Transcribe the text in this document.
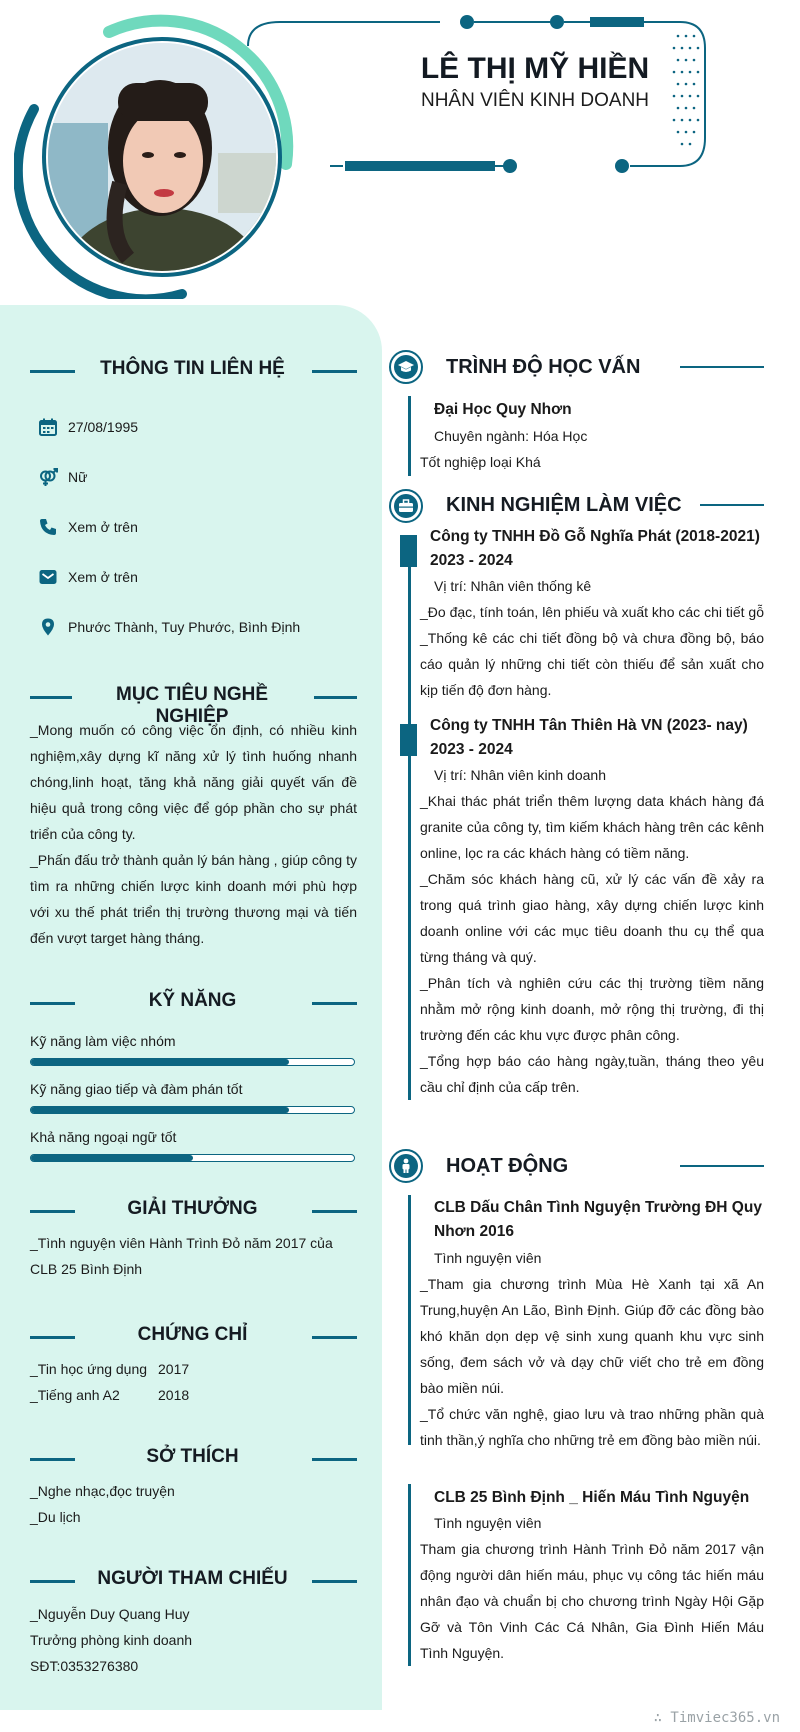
LÊ THỊ MỸ HIỀN
NHÂN VIÊN KINH DOANH
THÔNG TIN LIÊN HỆ
27/08/1995
Nữ
Xem ở trên
Xem ở trên
Phước Thành, Tuy Phước, Bình Định
MỤC TIÊU NGHỀ NGHIỆP
_Mong muốn có công việc ổn định, có nhiều kinh nghiệm,xây dựng kĩ năng xử lý tình huống nhanh chóng,linh hoạt, tăng khả năng giải quyết vấn đề hiệu quả trong công việc để góp phần cho sự phát triển của công ty.
_Phấn đấu trở thành quản lý bán hàng , giúp công ty tìm ra những chiến lược kinh doanh mới phù hợp với xu thế phát triển thị trường thương mại và tiến đến vượt target hàng tháng.
KỸ NĂNG
Kỹ năng làm việc nhóm
Kỹ năng giao tiếp và đàm phán tốt
Khả năng ngoại ngữ tốt
GIẢI THƯỞNG
_Tình nguyện viên Hành Trình Đỏ năm 2017 của CLB 25 Bình Định
CHỨNG CHỈ
_Tin học ứng dụng 2017
_Tiếng anh A2	2018
SỞ THÍCH
_Nghe nhạc,đọc truyện
_Du lịch
NGƯỜI THAM CHIẾU
_Nguyễn Duy Quang Huy
Trưởng phòng kinh doanh
SĐT:0353276380
TRÌNH ĐỘ HỌC VẤN
Đại Học Quy Nhơn
Chuyên ngành: Hóa Học
Tốt nghiệp loại Khá
KINH NGHIỆM LÀM VIỆC
Công ty TNHH Đồ Gỗ Nghĩa Phát (2018-2021) 2023 - 2024
Vị trí: Nhân viên thống kê
_Đo đạc, tính toán, lên phiếu và xuất kho các chi tiết gỗ
_Thống kê các chi tiết đồng bộ và chưa đồng bộ, báo cáo quản lý những chi tiết còn thiếu để sản xuất cho kịp tiến độ đơn hàng.
Công ty TNHH Tân Thiên Hà VN (2023- nay) 2023 - 2024
Vị trí: Nhân viên kinh doanh
_Khai thác phát triển thêm lượng data khách hàng đá granite của công ty, tìm kiếm khách hàng trên các kênh online, lọc ra các khách hàng có tiềm năng.
_Chăm sóc khách hàng cũ, xử lý các vấn đề xảy ra trong quá trình giao hàng, xây dựng chiến lược kinh doanh online với các mục tiêu doanh thu cụ thể qua từng tháng và quý.
_Phân tích và nghiên cứu các thị trường tiềm năng nhằm mở rộng kinh doanh, mở rộng thị trường, đi thị trường đến các khu vực được phân công.
_Tổng hợp báo cáo hàng ngày,tuần, tháng theo yêu cầu chỉ định của cấp trên.
HOẠT ĐỘNG
CLB Dấu Chân Tình Nguyện Trường ĐH Quy Nhơn 2016
Tình nguyện viên
_Tham gia chương trình Mùa Hè Xanh tại xã An Trung,huyện An Lão, Bình Định. Giúp đỡ các đồng bào khó khăn dọn dẹp vệ sinh xung quanh khu vực sinh sống, đem sách vở và dạy chữ viết cho trẻ em đồng bào miền núi.
_Tổ chức văn nghệ, giao lưu và trao những phần quà tinh thần,ý nghĩa cho những trẻ em đồng bào miền núi.
CLB 25 Bình Định _ Hiến Máu Tình Nguyện
Tình nguyện viên
Tham gia chương trình Hành Trình Đỏ năm 2017 vận động người dân hiến máu, phục vụ công tác hiến máu nhân đạo và chuẩn bị cho chương trình Ngày Hội Gặp Gỡ và Tôn Vinh Các Cá Nhân, Gia Đình Hiến Máu Tình Nguyện.
∴ Timviec365.vn
